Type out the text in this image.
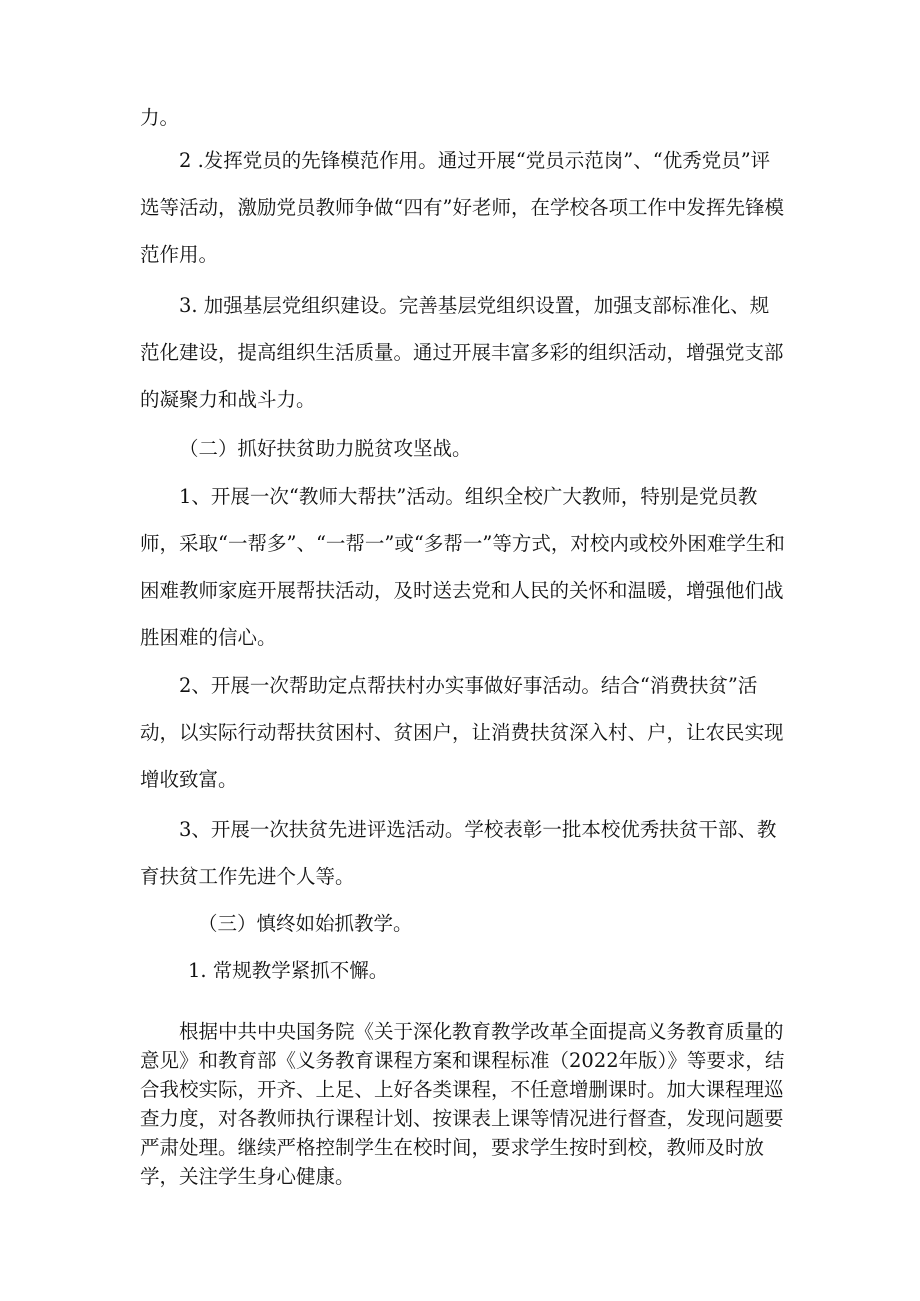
力。

2 .发挥党员的先锋模范作用。通过开展“党员示范岗”、“优秀党员”评选等活动，激励党员教师争做“四有”好老师，在学校各项工作中发挥先锋模范作用。

3. 加强基层党组织建设。完善基层党组织设置，加强支部标准化、规范化建设，提高组织生活质量。通过开展丰富多彩的组织活动，增强党支部的凝聚力和战斗力。

（二）抓好扶贫助力脱贫攻坚战。

1、开展一次“教师大帮扶”活动。组织全校广大教师，特别是党员教师，采取“一帮多”、“一帮一”或“多帮一”等方式，对校内或校外困难学生和困难教师家庭开展帮扶活动，及时送去党和人民的关怀和温暖，增强他们战胜困难的信心。

2、开展一次帮助定点帮扶村办实事做好事活动。结合“消费扶贫”活动，以实际行动帮扶贫困村、贫困户，让消费扶贫深入村、户，让农民实现增收致富。

3、开展一次扶贫先进评选活动。学校表彰一批本校优秀扶贫干部、教育扶贫工作先进个人等。

（三）慎终如始抓教学。

1. 常规教学紧抓不懈。

根据中共中央国务院《关于深化教育教学改革全面提高义务教育质量的意见》和教育部《义务教育课程方案和课程标准（2022年版）》等要求，结合我校实际，开齐、上足、上好各类课程，不任意增删课时。加大课程理巡查力度，对各教师执行课程计划、按课表上课等情况进行督查，发现问题要严肃处理。继续严格控制学生在校时间，要求学生按时到校，教师及时放学，关注学生身心健康。
